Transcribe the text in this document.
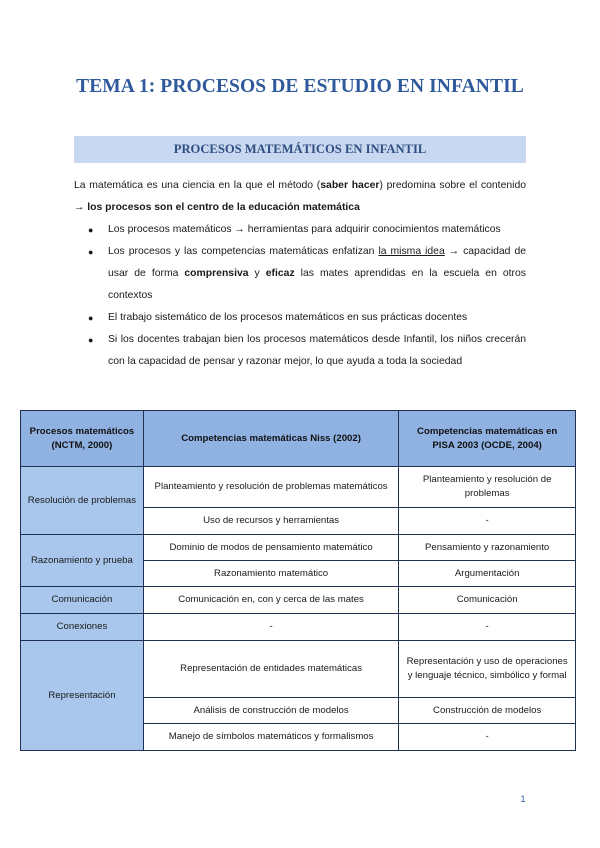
TEMA 1: PROCESOS DE ESTUDIO EN INFANTIL
PROCESOS MATEMÁTICOS EN INFANTIL

La matemática es una ciencia en la que el método (saber hacer) predomina sobre el contenido → los procesos son el centro de la educación matemática

● Los procesos matemáticos → herramientas para adquirir conocimientos matemáticos
● Los procesos y las competencias matemáticas enfatizan la misma idea → capacidad de usar de forma comprensiva y eficaz las mates aprendidas en la escuela en otros contextos
● El trabajo sistemático de los procesos matemáticos en sus prácticas docentes
● Si los docentes trabajan bien los procesos matemáticos desde Infantil, los niños crecerán con la capacidad de pensar y razonar mejor, lo que ayuda a toda la sociedad
Procesos matemáticos (NCTM, 2000)	Competencias matemáticas Niss (2002)	Competencias matemáticas en PISA 2003 (OCDE, 2004)
Resolución de problemas	Planteamiento y resolución de problemas matemáticos	Planteamiento y resolución de problemas
	Uso de recursos y herramientas	-
Razonamiento y prueba	Dominio de modos de pensamiento matemático	Pensamiento y razonamiento
	Razonamiento matemático	Argumentación
Comunicación	Comunicación en, con y cerca de las mates	Comunicación
Conexiones	-	-
Representación	Representación de entidades matemáticas	Representación y uso de operaciones y lenguaje técnico, simbólico y formal
	Análisis de construcción de modelos	Construcción de modelos
	Manejo de símbolos matemáticos y formalismos	-
1
